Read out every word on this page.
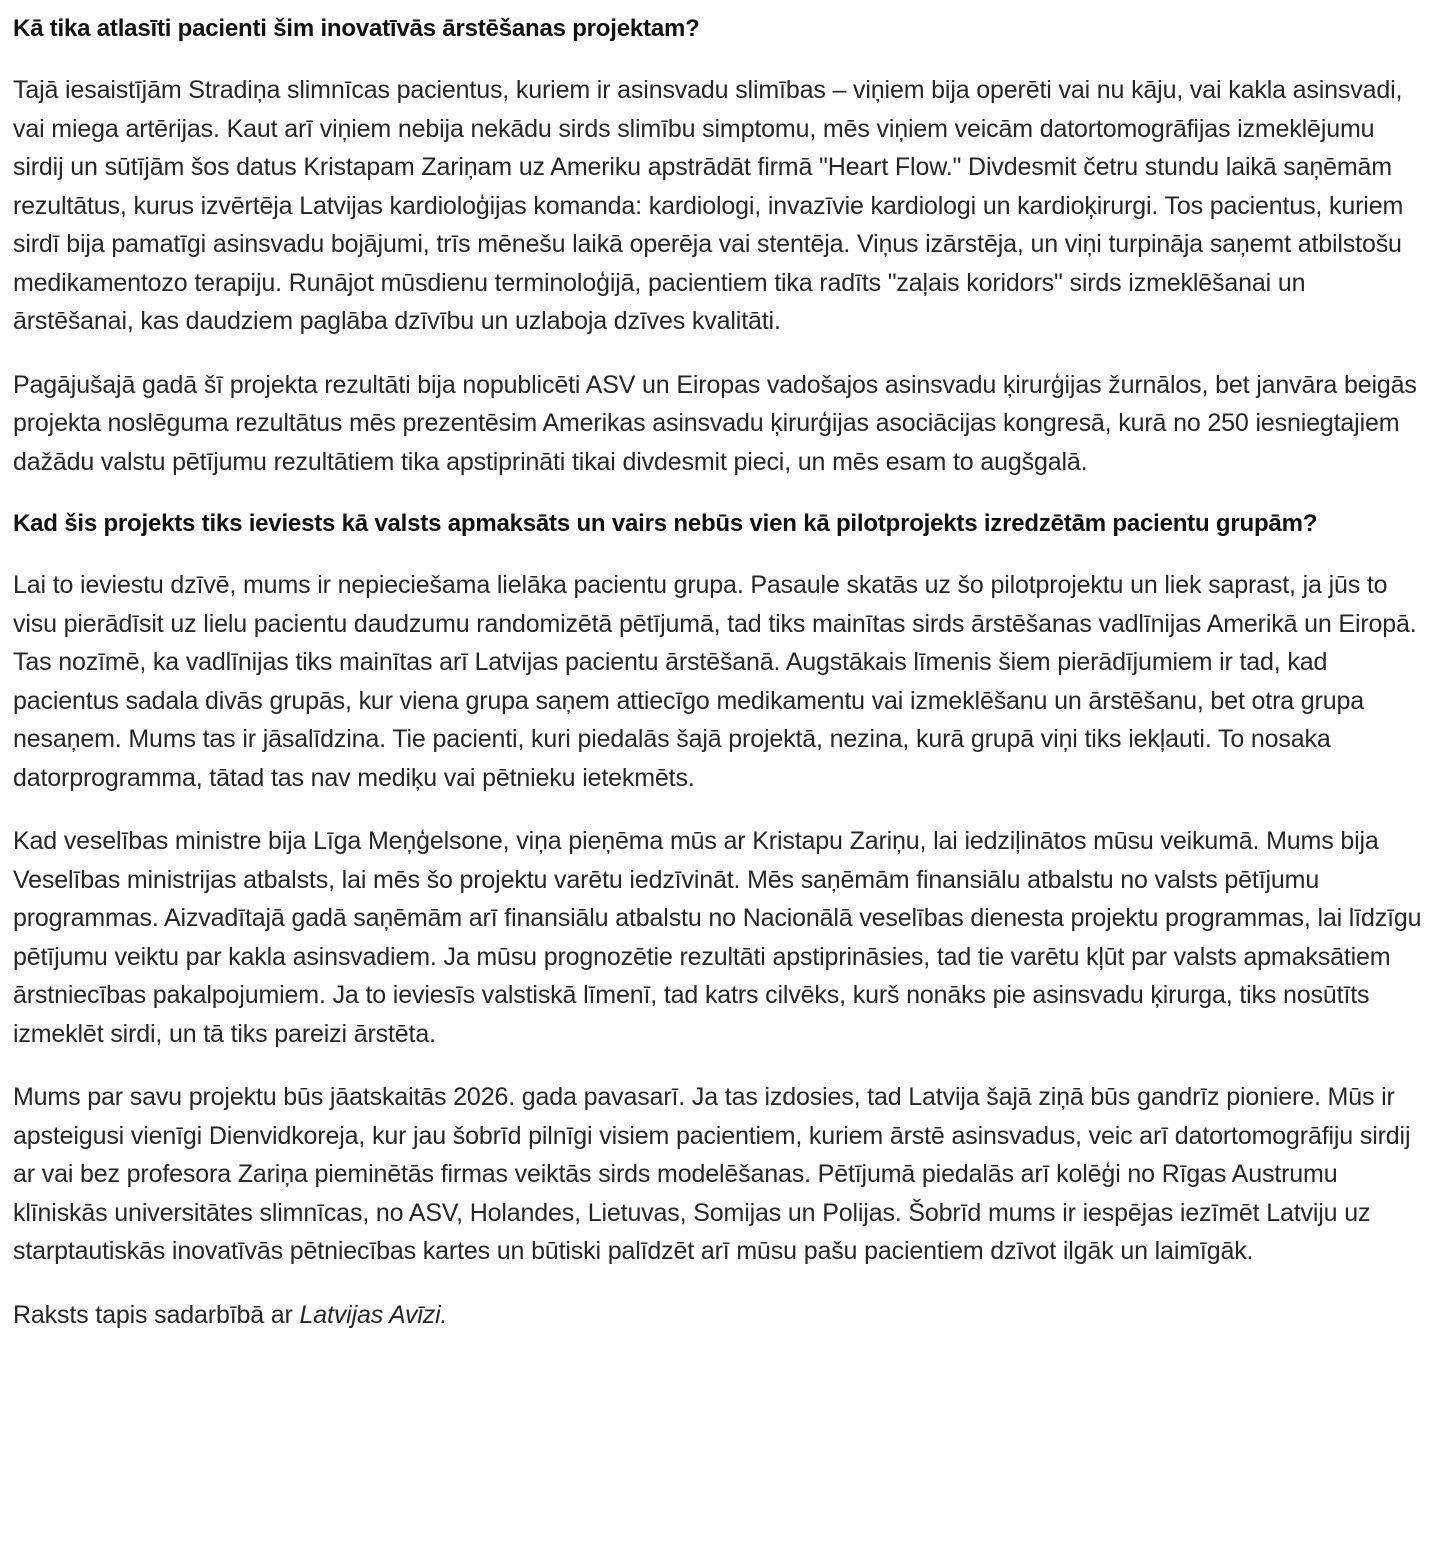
Kā tika atlasīti pacienti šim inovatīvās ārstēšanas projektam?

Tajā iesaistījām Stradiņa slimnīcas pacientus, kuriem ir asinsvadu slimības – viņiem bija operēti vai nu kāju, vai kakla asinsvadi, vai miega artērijas. Kaut arī viņiem nebija nekādu sirds slimību simptomu, mēs viņiem veicām datortomogrāfijas izmeklējumu sirdij un sūtījām šos datus Kristapam Zariņam uz Ameriku apstrādāt firmā "Heart Flow." Divdesmit četru stundu laikā saņēmām rezultātus, kurus izvērtēja Latvijas kardioloģijas komanda: kardiologi, invazīvie kardiologi un kardioķirurgi. Tos pacientus, kuriem sirdī bija pamatīgi asinsvadu bojājumi, trīs mēnešu laikā operēja vai stentēja. Viņus izārstēja, un viņi turpināja saņemt atbilstošu medikamentozo terapiju. Runājot mūsdienu terminoloģijā, pacientiem tika radīts "zaļais koridors" sirds izmeklēšanai un ārstēšanai, kas daudziem paglāba dzīvību un uzlaboja dzīves kvalitāti.

Pagājušajā gadā šī projekta rezultāti bija nopublicēti ASV un Eiropas vadošajos asinsvadu ķirurģijas žurnālos, bet janvāra beigās projekta noslēguma rezultātus mēs prezentēsim Amerikas asinsvadu ķirurģijas asociācijas kongresā, kurā no 250 iesniegtajiem dažādu valstu pētījumu rezultātiem tika apstiprināti tikai divdesmit pieci, un mēs esam to augšgalā.

Kad šis projekts tiks ieviests kā valsts apmaksāts un vairs nebūs vien kā pilotprojekts izredzētām pacientu grupām?

Lai to ieviestu dzīvē, mums ir nepieciešama lielāka pacientu grupa. Pasaule skatās uz šo pilotprojektu un liek saprast, ja jūs to visu pierādīsit uz lielu pacientu daudzumu randomizētā pētījumā, tad tiks mainītas sirds ārstēšanas vadlīnijas Amerikā un Eiropā. Tas nozīmē, ka vadlīnijas tiks mainītas arī Latvijas pacientu ārstēšanā. Augstākais līmenis šiem pierādījumiem ir tad, kad pacientus sadala divās grupās, kur viena grupa saņem attiecīgo medikamentu vai izmeklēšanu un ārstēšanu, bet otra grupa nesaņem. Mums tas ir jāsalīdzina. Tie pacienti, kuri piedalās šajā projektā, nezina, kurā grupā viņi tiks iekļauti. To nosaka datorprogramma, tātad tas nav mediķu vai pētnieku ietekmēts.

Kad veselības ministre bija Līga Meņģelsone, viņa pieņēma mūs ar Kristapu Zariņu, lai iedziļinātos mūsu veikumā. Mums bija Veselības ministrijas atbalsts, lai mēs šo projektu varētu iedzīvināt. Mēs saņēmām finansiālu atbalstu no valsts pētījumu programmas. Aizvadītajā gadā saņēmām arī finansiālu atbalstu no Nacionālā veselības dienesta projektu programmas, lai līdzīgu pētījumu veiktu par kakla asinsvadiem. Ja mūsu prognozētie rezultāti apstiprināsies, tad tie varētu kļūt par valsts apmaksātiem ārstniecības pakalpojumiem. Ja to ieviesīs valstiskā līmenī, tad katrs cilvēks, kurš nonāks pie asinsvadu ķirurga, tiks nosūtīts izmeklēt sirdi, un tā tiks pareizi ārstēta.

Mums par savu projektu būs jāatskaitās 2026. gada pavasarī. Ja tas izdosies, tad Latvija šajā ziņā būs gandrīz pioniere. Mūs ir apsteigusi vienīgi Dienvidkoreja, kur jau šobrīd pilnīgi visiem pacientiem, kuriem ārstē asinsvadus, veic arī datortomogrāfiju sirdij ar vai bez profesora Zariņa pieminētās firmas veiktās sirds modelēšanas. Pētījumā piedalās arī kolēģi no Rīgas Austrumu klīniskās universitātes slimnīcas, no ASV, Holandes, Lietuvas, Somijas un Polijas. Šobrīd mums ir iespējas iezīmēt Latviju uz starptautiskās inovatīvās pētniecības kartes un būtiski palīdzēt arī mūsu pašu pacientiem dzīvot ilgāk un laimīgāk.

Raksts tapis sadarbībā ar Latvijas Avīzi.
